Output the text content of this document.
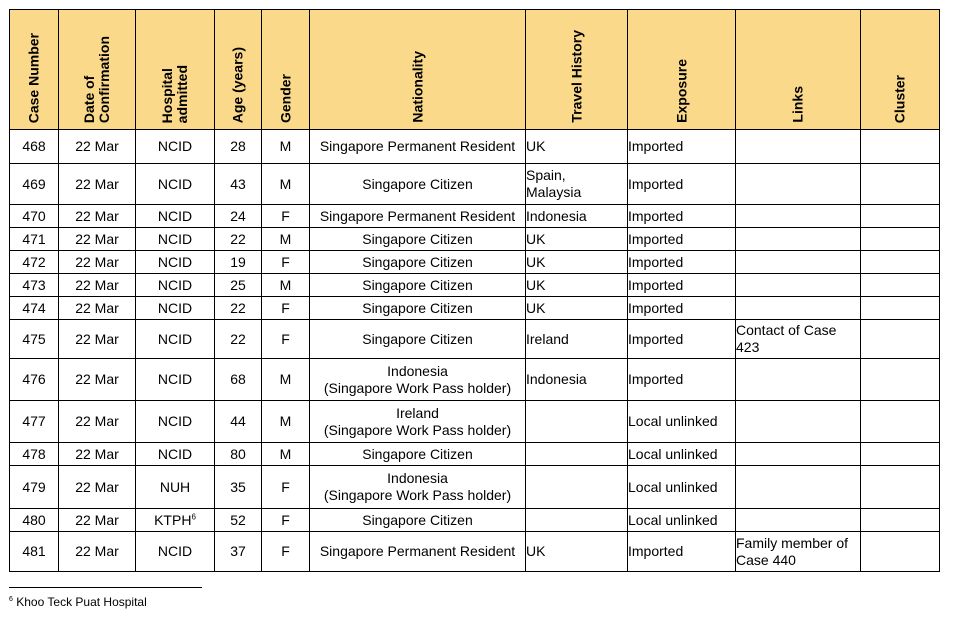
Case Number	Date of
Confirmation	Hospital
admitted	Age (years)	Gender	Nationality	Travel History	Exposure	Links	Cluster

468	22 Mar	NCID	28	M	Singapore Permanent Resident	UK	Imported		
469	22 Mar	NCID	43	M	Singapore Citizen	Spain,
Malaysia	Imported		
470	22 Mar	NCID	24	F	Singapore Permanent Resident	Indonesia	Imported		
471	22 Mar	NCID	22	M	Singapore Citizen	UK	Imported		
472	22 Mar	NCID	19	F	Singapore Citizen	UK	Imported		
473	22 Mar	NCID	25	M	Singapore Citizen	UK	Imported		
474	22 Mar	NCID	22	F	Singapore Citizen	UK	Imported		
475	22 Mar	NCID	22	F	Singapore Citizen	Ireland	Imported	Contact of Case
423	
476	22 Mar	NCID	68	M	Indonesia
(Singapore Work Pass holder)	Indonesia	Imported		
477	22 Mar	NCID	44	M	Ireland
(Singapore Work Pass holder)		Local unlinked		
478	22 Mar	NCID	80	M	Singapore Citizen		Local unlinked		
479	22 Mar	NUH	35	F	Indonesia
(Singapore Work Pass holder)		Local unlinked		
480	22 Mar	KTPH$^6$	52	F	Singapore Citizen		Local unlinked		
481	22 Mar	NCID	37	F	Singapore Permanent Resident	UK	Imported	Family member of
Case 440	
$^6$ Khoo Teck Puat Hospital
